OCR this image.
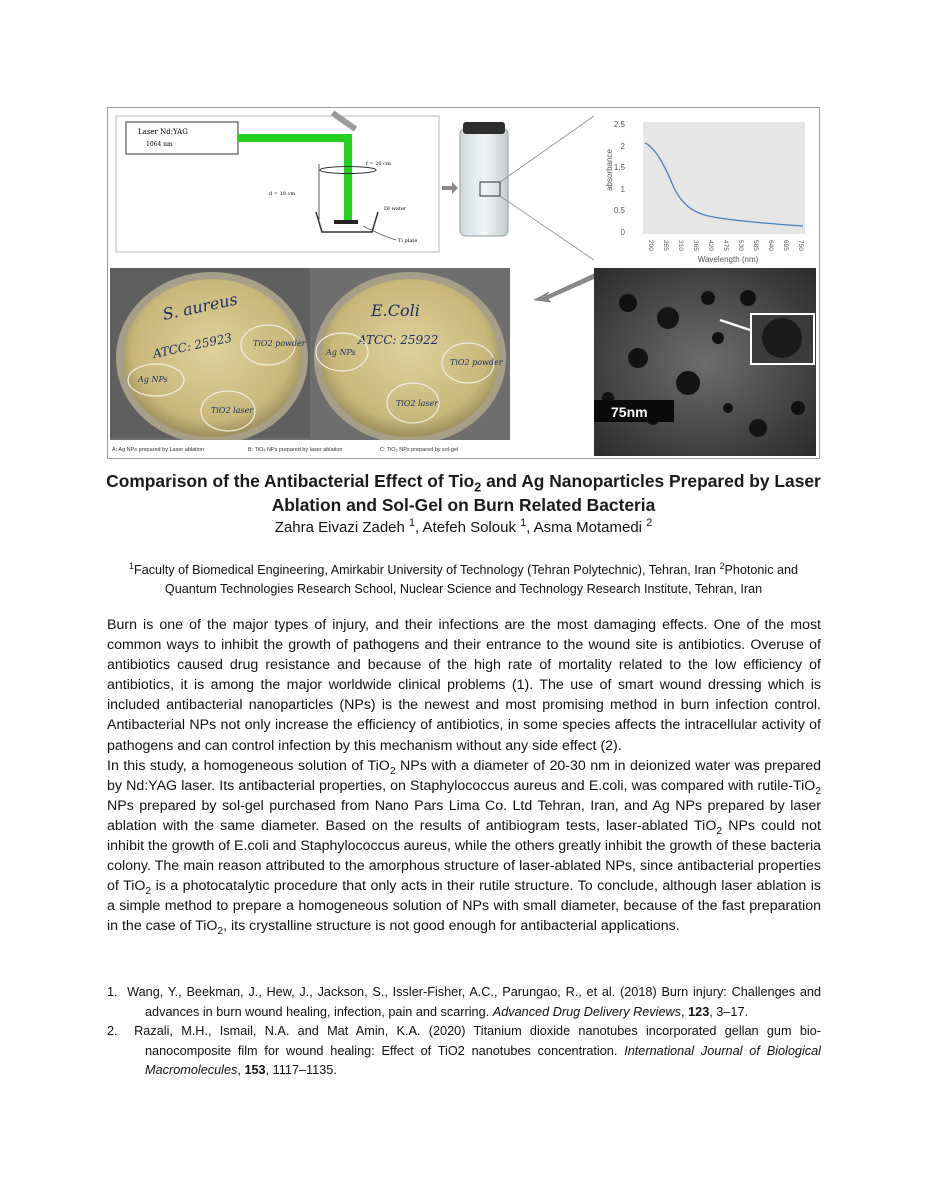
Laser Nd:YAG
1064 nm
f = 20 cm
d = 10 cm
DI water
Ti plate
2.5
2
1.5
1
0.5
0
absorbance
200 255 310 365 420 475 530 585 640 695 750
Wavelength (nm)
S. aureus
ATCC: 25923
E.Coli
ATCC: 25922
Ag NPs
TiO2 powder
TiO2 laser
Ag NPs
TiO2 powder
TiO2 laser
A: Ag NPs prepared by Laser ablation	B: TiO₂ NPs prepared by laser ablation	C: TiO₂ NPs prepared by sol-gel
75nm
Comparison of the Antibacterial Effect of Tio$_2$ and Ag Nanoparticles Prepared by Laser Ablation and Sol-Gel on Burn Related Bacteria
Zahra Eivazi Zadeh $^1$, Atefeh Solouk $^1$, Asma Motamedi $^2$
$^1$Faculty of Biomedical Engineering, Amirkabir University of Technology (Tehran Polytechnic), Tehran, Iran $^2$Photonic and Quantum Technologies Research School, Nuclear Science and Technology Research Institute, Tehran, Iran

Burn is one of the major types of injury, and their infections are the most damaging effects. One of the most common ways to inhibit the growth of pathogens and their entrance to the wound site is antibiotics. Overuse of antibiotics caused drug resistance and because of the high rate of mortality related to the low efficiency of antibiotics, it is among the major worldwide clinical problems (1). The use of smart wound dressing which is included antibacterial nanoparticles (NPs) is the newest and most promising method in burn infection control. Antibacterial NPs not only increase the efficiency of antibiotics, in some species affects the intracellular activity of pathogens and can control infection by this mechanism without any side effect (2).

In this study, a homogeneous solution of TiO$_2$ NPs with a diameter of 20-30 nm in deionized water was prepared by Nd:YAG laser. Its antibacterial properties, on Staphylococcus aureus and E.coli, was compared with rutile-TiO$_2$ NPs prepared by sol-gel purchased from Nano Pars Lima Co. Ltd Tehran, Iran, and Ag NPs prepared by laser ablation with the same diameter. Based on the results of antibiogram tests, laser-ablated TiO$_2$ NPs could not inhibit the growth of E.coli and Staphylococcus aureus, while the others greatly inhibit the growth of these bacteria colony. The main reason attributed to the amorphous structure of laser-ablated NPs, since antibacterial properties of TiO$_2$ is a photocatalytic procedure that only acts in their rutile structure. To conclude, although laser ablation is a simple method to prepare a homogeneous solution of NPs with small diameter, because of the fast preparation in the case of TiO$_2$, its crystalline structure is not good enough for antibacterial applications.

1. Wang, Y., Beekman, J., Hew, J., Jackson, S., Issler-Fisher, A.C., Parungao, R., et al. (2018) Burn injury: Challenges and advances in burn wound healing, infection, pain and scarring. Advanced Drug Delivery Reviews, 123, 3–17.
2. Razali, M.H., Ismail, N.A. and Mat Amin, K.A. (2020) Titanium dioxide nanotubes incorporated gellan gum bio-nanocomposite film for wound healing: Effect of TiO2 nanotubes concentration. International Journal of Biological Macromolecules, 153, 1117–1135.
